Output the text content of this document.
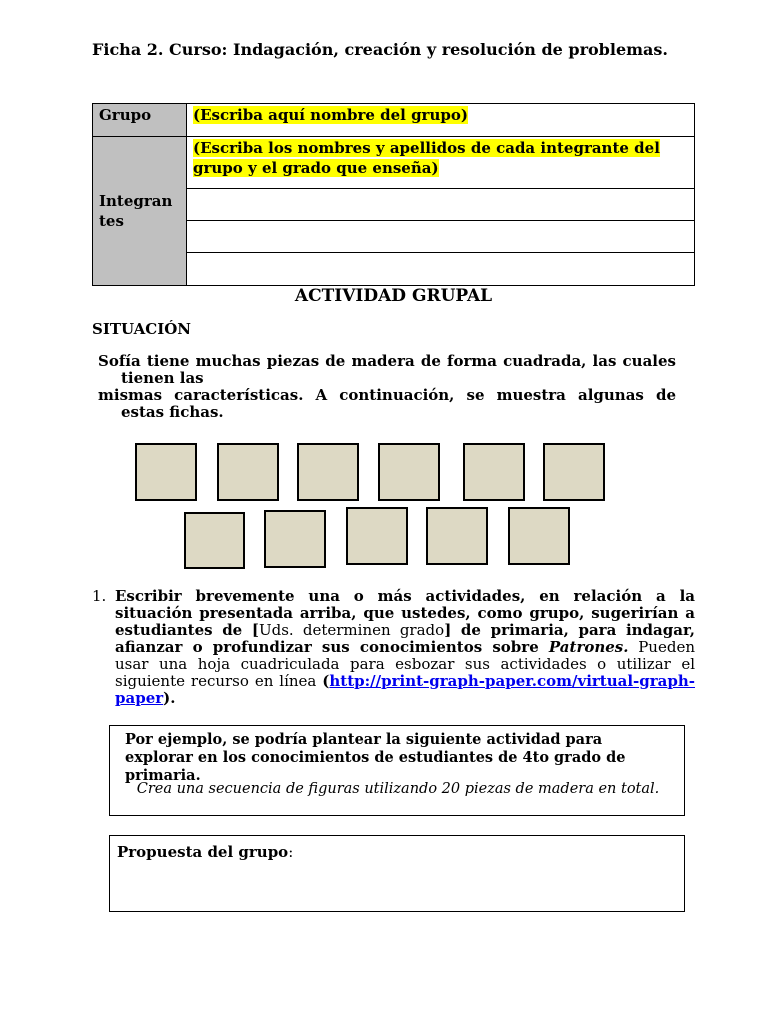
Ficha 2. Curso: Indagación, creación y resolución de problemas.
Grupo	(Escriba aquí nombre del grupo)
Integran tes	(Escriba los nombres y apellidos de cada integrante del grupo y el grado que enseña)

ACTIVIDAD GRUPAL
SITUACIÓN
Sofía tiene muchas piezas de madera de forma cuadrada, las cuales tienen las
mismas características. A continuación, se muestra algunas de estas fichas.
1. Escribir brevemente una o más actividades, en relación a la situación presentada arriba, que ustedes, como grupo, sugerirían a estudiantes de [Uds. determinen grado] de primaria, para indagar, afianzar o profundizar sus conocimientos sobre Patrones. Pueden usar una hoja cuadriculada para esbozar sus actividades o utilizar el siguiente recurso en línea (http://print-graph-paper.com/virtual-graph-paper).
Por ejemplo, se podría plantear la siguiente actividad para explorar en los conocimientos de estudiantes de 4to grado de primaria.
Crea una secuencia de figuras utilizando 20 piezas de madera en total.
Propuesta del grupo:
